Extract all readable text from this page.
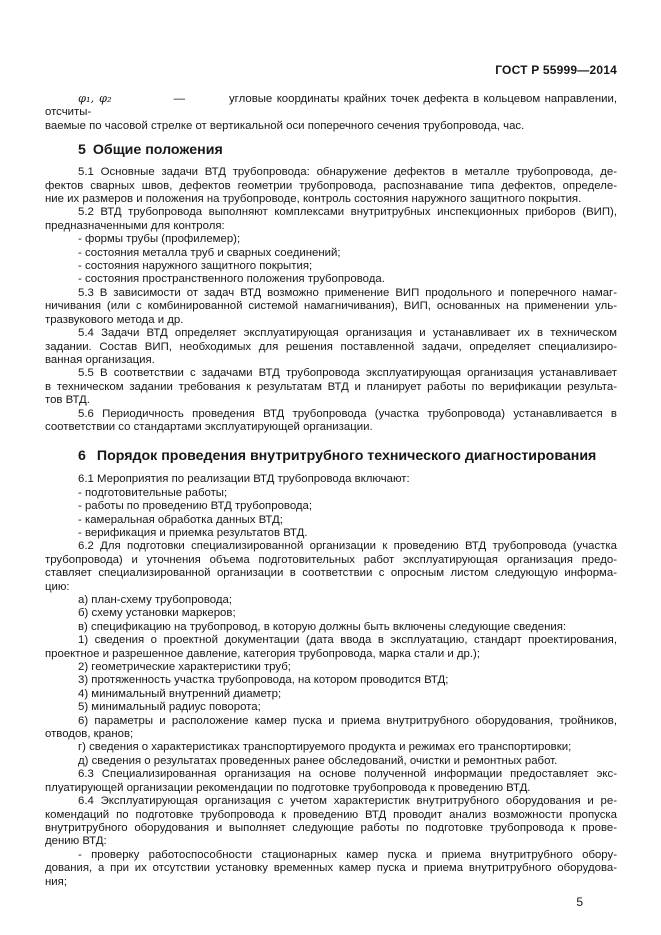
ГОСТ Р 55999—2014
φ₁, φ₂	—	угловые координаты крайних точек дефекта в кольцевом направлении, отсчиты-
ваемые по часовой стрелке от вертикальной оси поперечного сечения трубопровода, час.
5 Общие положения
5.1 Основные задачи ВТД трубопровода: обнаружение дефектов в металле трубопровода, де-
фектов сварных швов, дефектов геометрии трубопровода, распознавание типа дефектов, определе-
ние их размеров и положения на трубопроводе, контроль состояния наружного защитного покрытия.
5.2 ВТД трубопровода выполняют комплексами внутритрубных инспекционных приборов (ВИП),
предназначенными для контроля:
- формы трубы (профилемер);
- состояния металла труб и сварных соединений;
- состояния наружного защитного покрытия;
- состояния пространственного положения трубопровода.
5.3 В зависимости от задач ВТД возможно применение ВИП продольного и поперечного намаг-
ничивания (или с комбинированной системой намагничивания), ВИП, основанных на применении уль-
тразвукового метода и др.
5.4 Задачи ВТД определяет эксплуатирующая организация и устанавливает их в техническом
задании. Состав ВИП, необходимых для решения поставленной задачи, определяет специализиро-
ванная организация.
5.5 В соответствии с задачами ВТД трубопровода эксплуатирующая организация устанавливает
в техническом задании требования к результатам ВТД и планирует работы по верификации результа-
тов ВТД.
5.6 Периодичность проведения ВТД трубопровода (участка трубопровода) устанавливается в
соответствии со стандартами эксплуатирующей организации.
6 Порядок проведения внутритрубного технического диагностирования
6.1 Мероприятия по реализации ВТД трубопровода включают:
- подготовительные работы;
- работы по проведению ВТД трубопровода;
- камеральная обработка данных ВТД;
- верификация и приемка результатов ВТД.
6.2 Для подготовки специализированной организации к проведению ВТД трубопровода (участка
трубопровода) и уточнения объема подготовительных работ эксплуатирующая организация предо-
ставляет специализированной организации в соответствии с опросным листом следующую информа-
цию:
а) план-схему трубопровода;
б) схему установки маркеров;
в) спецификацию на трубопровод, в которую должны быть включены следующие сведения:
1) сведения о проектной документации (дата ввода в эксплуатацию, стандарт проектирования,
проектное и разрешенное давление, категория трубопровода, марка стали и др.);
2) геометрические характеристики труб;
3) протяженность участка трубопровода, на котором проводится ВТД;
4) минимальный внутренний диаметр;
5) минимальный радиус поворота;
6) параметры и расположение камер пуска и приема внутритрубного оборудования, тройников,
отводов, кранов;
г) сведения о характеристиках транспортируемого продукта и режимах его транспортировки;
д) сведения о результатах проведенных ранее обследований, очистки и ремонтных работ.
6.3 Специализированная организация на основе полученной информации предоставляет экс-
плуатирующей организации рекомендации по подготовке трубопровода к проведению ВТД.
6.4 Эксплуатирующая организация с учетом характеристик внутритрубного оборудования и ре-
комендаций по подготовке трубопровода к проведению ВТД проводит анализ возможности пропуска
внутритрубного оборудования и выполняет следующие работы по подготовке трубопровода к прове-
дению ВТД:
- проверку работоспособности стационарных камер пуска и приема внутритрубного обору-
дования, а при их отсутствии установку временных камер пуска и приема внутритрубного оборудова-
ния;
5
